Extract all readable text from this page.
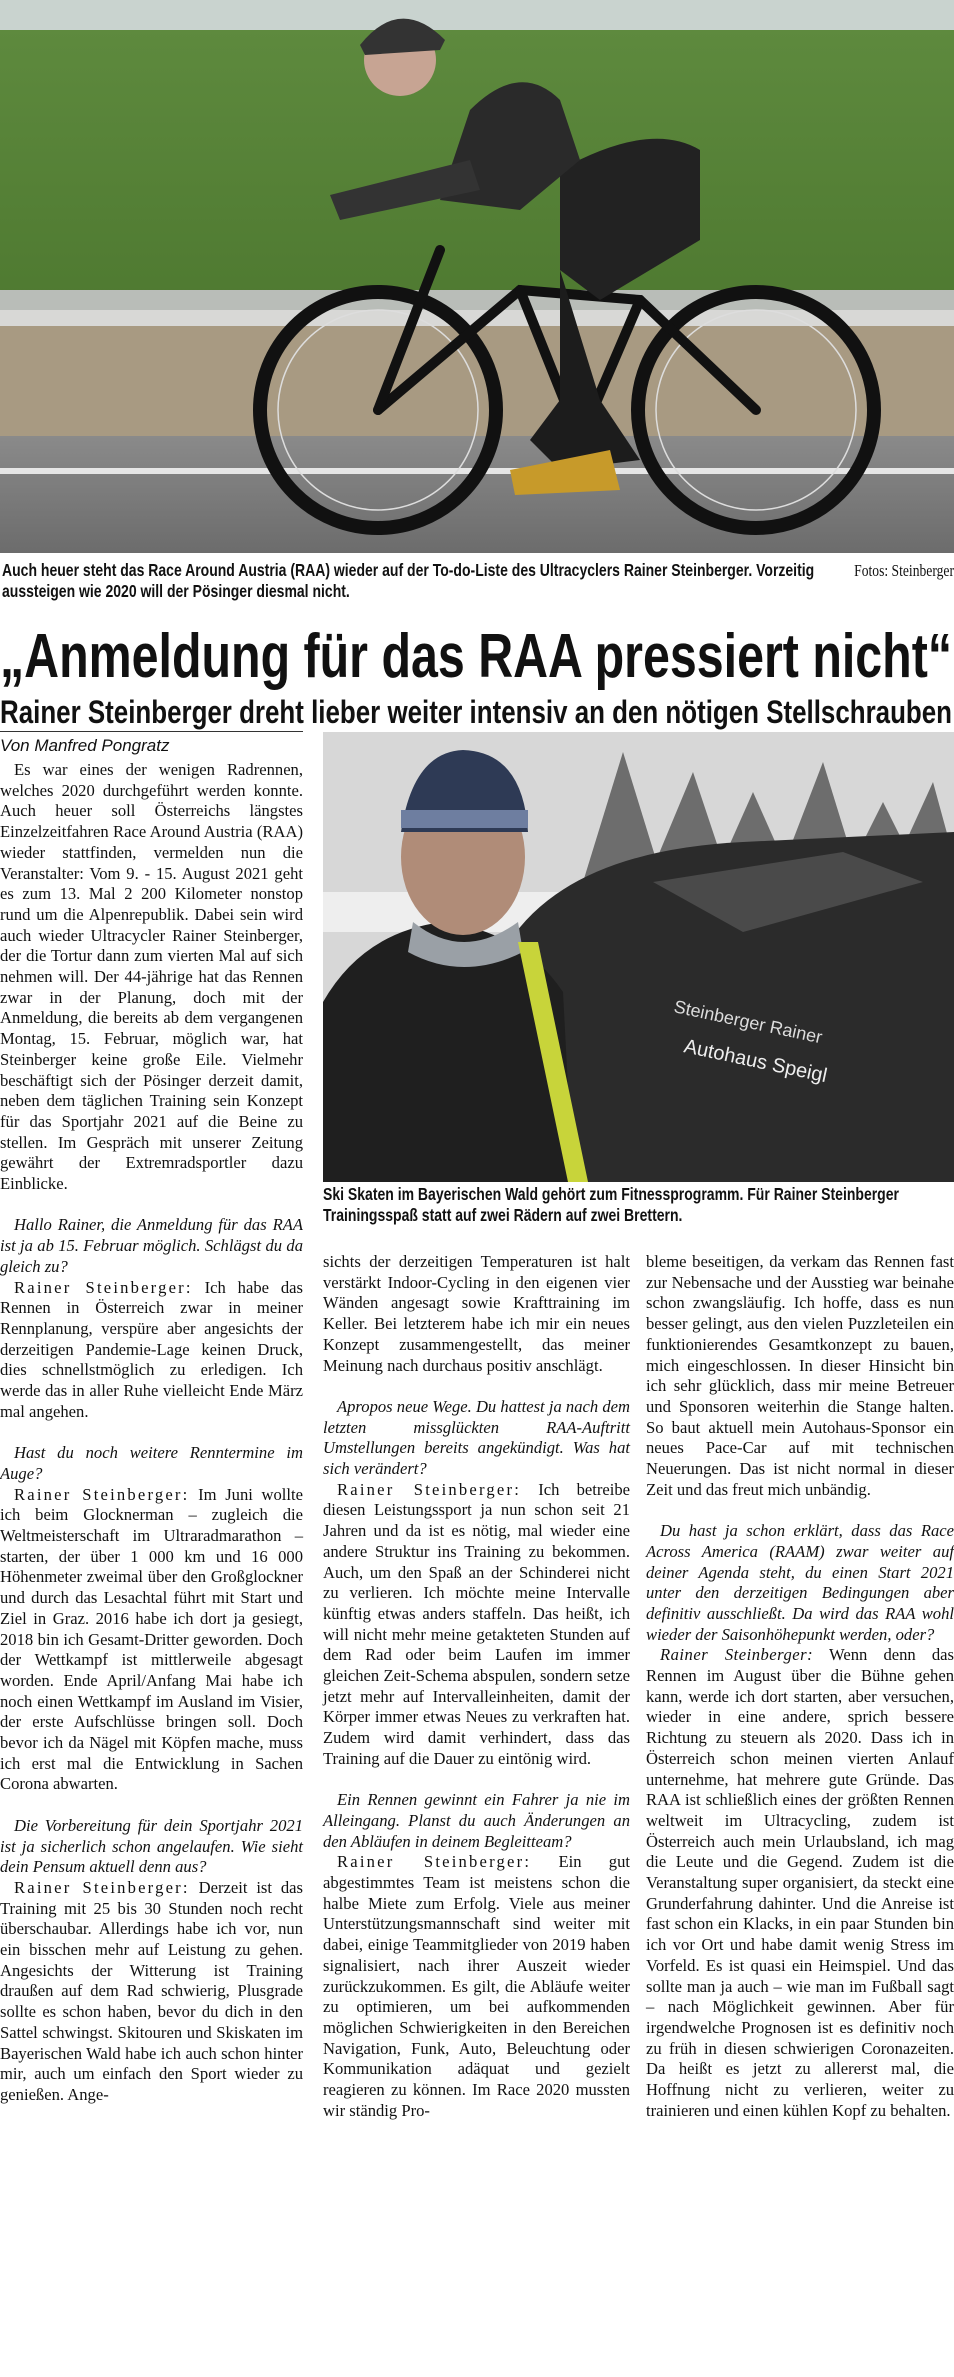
Fotos: Steinberger
Auch heuer steht das Race Around Austria (RAA) wieder auf der To-do-Liste des Ultracyclers Rainer Steinberger. Vorzeitig aussteigen wie 2020 will der Pösinger diesmal nicht.
„Anmeldung für das RAA pressiert nicht“
Rainer Steinberger dreht lieber weiter intensiv an den nötigen Stellschrauben
Von Manfred Pongratz
Steinberger Rainer
Autohaus Speigl
Ski Skaten im Bayerischen Wald gehört zum Fitnessprogramm. Für Rainer Steinberger Trainingsspaß statt auf zwei Rädern auf zwei Brettern.

Es war eines der wenigen Radrennen, welches 2020 durchgeführt werden konnte. Auch heuer soll Österreichs längstes Einzelzeitfahren Race Around Austria (RAA) wieder stattfinden, vermelden nun die Veranstalter: Vom 9. - 15. August 2021 geht es zum 13. Mal 2 200 Kilometer nonstop rund um die Alpenrepublik. Dabei sein wird auch wieder Ultracycler Rainer Steinberger, der die Tortur dann zum vierten Mal auf sich nehmen will. Der 44-jährige hat das Rennen zwar in der Planung, doch mit der Anmeldung, die bereits ab dem vergangenen Montag, 15. Februar, möglich war, hat Steinberger keine große Eile. Vielmehr beschäftigt sich der Pösinger derzeit damit, neben dem täglichen Training sein Konzept für das Sportjahr 2021 auf die Beine zu stellen. Im Gespräch mit unserer Zeitung gewährt der Extremradsportler dazu Einblicke.

Hallo Rainer, die Anmeldung für das RAA ist ja ab 15. Februar möglich. Schlägst du da gleich zu?

Rainer Steinberger: Ich habe das Rennen in Österreich zwar in meiner Rennplanung, verspüre aber angesichts der derzeitigen Pandemie-Lage keinen Druck, dies schnellstmöglich zu erledigen. Ich werde das in aller Ruhe vielleicht Ende März mal angehen.

Hast du noch weitere Renntermine im Auge?

Rainer Steinberger: Im Juni wollte ich beim Glocknerman – zugleich die Weltmeisterschaft im Ultraradmarathon – starten, der über 1 000 km und 16 000 Höhenmeter zweimal über den Großglockner und durch das Lesachtal führt mit Start und Ziel in Graz. 2016 habe ich dort ja gesiegt, 2018 bin ich Gesamt-Dritter geworden. Doch der Wettkampf ist mittlerweile abgesagt worden. Ende April/Anfang Mai habe ich noch einen Wettkampf im Ausland im Visier, der erste Aufschlüsse bringen soll. Doch bevor ich da Nägel mit Köpfen mache, muss ich erst mal die Entwicklung in Sachen Corona abwarten.

Die Vorbereitung für dein Sportjahr 2021 ist ja sicherlich schon angelaufen. Wie sieht dein Pensum aktuell denn aus?

Rainer Steinberger: Derzeit ist das Training mit 25 bis 30 Stunden noch recht überschaubar. Allerdings habe ich vor, nun ein bisschen mehr auf Leistung zu gehen. Angesichts der Witterung ist Training draußen auf dem Rad schwierig, Plusgrade sollte es schon haben, bevor du dich in den Sattel schwingst. Skitouren und Skiskaten im Bayerischen Wald habe ich auch schon hinter mir, auch um einfach den Sport wieder zu genießen. Ange-

sichts der derzeitigen Temperaturen ist halt verstärkt Indoor-Cycling in den eigenen vier Wänden angesagt sowie Krafttraining im Keller. Bei letzterem habe ich mir ein neues Konzept zusammengestellt, das meiner Meinung nach durchaus positiv anschlägt.

Apropos neue Wege. Du hattest ja nach dem letzten missglückten RAA-Auftritt Umstellungen bereits angekündigt. Was hat sich verändert?

Rainer Steinberger: Ich betreibe diesen Leistungssport ja nun schon seit 21 Jahren und da ist es nötig, mal wieder eine andere Struktur ins Training zu bekommen. Auch, um den Spaß an der Schinderei nicht zu verlieren. Ich möchte meine Intervalle künftig etwas anders staffeln. Das heißt, ich will nicht mehr meine getakteten Stunden auf dem Rad oder beim Laufen im immer gleichen Zeit-Schema abspulen, sondern setze jetzt mehr auf Intervalleinheiten, damit der Körper immer etwas Neues zu verkraften hat. Zudem wird damit verhindert, dass das Training auf die Dauer zu eintönig wird.

Ein Rennen gewinnt ein Fahrer ja nie im Alleingang. Planst du auch Änderungen an den Abläufen in deinem Begleitteam?

Rainer Steinberger: Ein gut abgestimmtes Team ist meistens schon die halbe Miete zum Erfolg. Viele aus meiner Unterstützungsmannschaft sind weiter mit dabei, einige Teammitglieder von 2019 haben signalisiert, nach ihrer Auszeit wieder zurückzukommen. Es gilt, die Abläufe weiter zu optimieren, um bei aufkommenden möglichen Schwierigkeiten in den Bereichen Navigation, Funk, Auto, Beleuchtung oder Kommunikation adäquat und gezielt reagieren zu können. Im Race 2020 mussten wir ständig Pro-

bleme beseitigen, da verkam das Rennen fast zur Nebensache und der Ausstieg war beinahe schon zwangsläufig. Ich hoffe, dass es nun besser gelingt, aus den vielen Puzzleteilen ein funktionierendes Gesamtkonzept zu bauen, mich eingeschlossen. In dieser Hinsicht bin ich sehr glücklich, dass mir meine Betreuer und Sponsoren weiterhin die Stange halten. So baut aktuell mein Autohaus-Sponsor ein neues Pace-Car auf mit technischen Neuerungen. Das ist nicht normal in dieser Zeit und das freut mich unbändig.

Du hast ja schon erklärt, dass das Race Across America (RAAM) zwar weiter auf deiner Agenda steht, du einen Start 2021 unter den derzeitigen Bedingungen aber definitiv ausschließt. Da wird das RAA wohl wieder der Saisonhöhepunkt werden, oder?

Rainer Steinberger: Wenn denn das Rennen im August über die Bühne gehen kann, werde ich dort starten, aber versuchen, wieder in eine andere, sprich bessere Richtung zu steuern als 2020. Dass ich in Österreich schon meinen vierten Anlauf unternehme, hat mehrere gute Gründe. Das RAA ist schließlich eines der größten Rennen weltweit im Ultracycling, zudem ist Österreich auch mein Urlaubsland, ich mag die Leute und die Gegend. Zudem ist die Veranstaltung super organisiert, da steckt eine Grunderfahrung dahinter. Und die Anreise ist fast schon ein Klacks, in ein paar Stunden bin ich vor Ort und habe damit wenig Stress im Vorfeld. Es ist quasi ein Heimspiel. Und das sollte man ja auch – wie man im Fußball sagt – nach Möglichkeit gewinnen. Aber für irgendwelche Prognosen ist es definitiv noch zu früh in diesen schwierigen Coronazeiten. Da heißt es jetzt zu allererst mal, die Hoffnung nicht zu verlieren, weiter zu trainieren und einen kühlen Kopf zu behalten.
